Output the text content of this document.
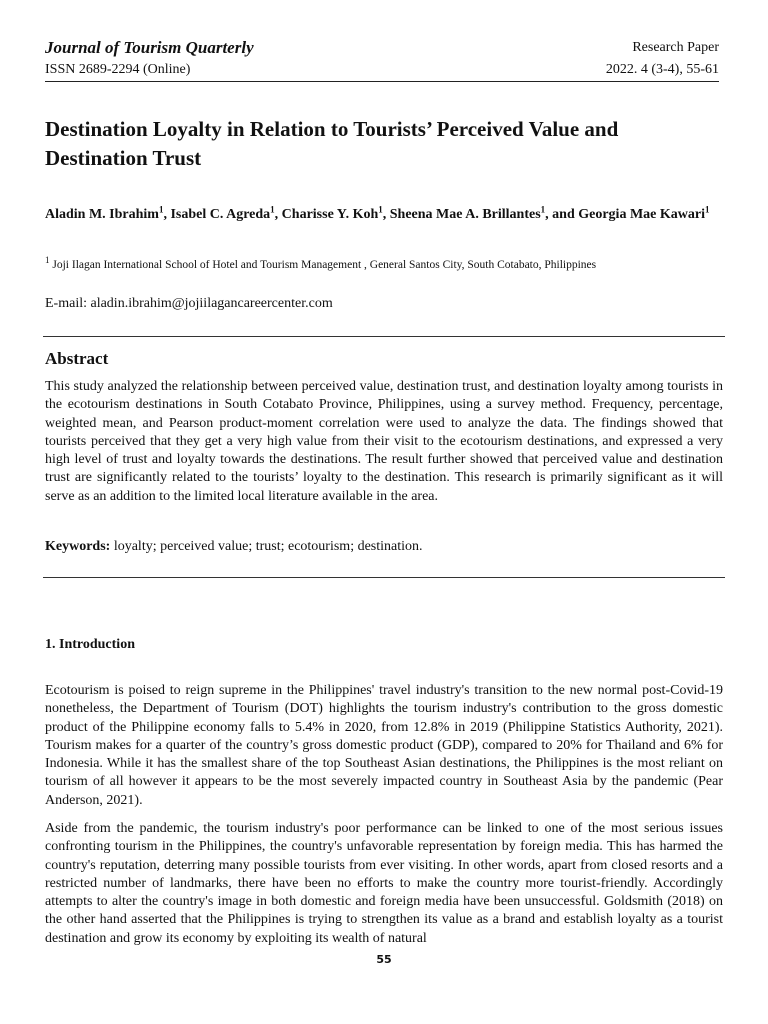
Journal of Tourism Quarterly	Research Paper
ISSN 2689-2294 (Online)	2022. 4 (3-4), 55-61
Destination Loyalty in Relation to Tourists’ Perceived Value and Destination Trust
Aladin M. Ibrahim$^1$, Isabel C. Agreda$^1$, Charisse Y. Koh$^1$, Sheena Mae A. Brillantes$^1$, and Georgia Mae Kawari$^1$
$^1$ Joji Ilagan International School of Hotel and Tourism Management , General Santos City, South Cotabato, Philippines
E-mail: aladin.ibrahim@jojiilagancareercenter.com
Abstract
This study analyzed the relationship between perceived value, destination trust, and destination loyalty among tourists in the ecotourism destinations in South Cotabato Province, Philippines, using a survey method. Frequency, percentage, weighted mean, and Pearson product-moment correlation were used to analyze the data. The findings showed that tourists perceived that they get a very high value from their visit to the ecotourism destinations, and expressed a very high level of trust and loyalty towards the destinations. The result further showed that perceived value and destination trust are significantly related to the tourists’ loyalty to the destination. This research is primarily significant as it will serve as an addition to the limited local literature available in the area.
Keywords: loyalty; perceived value; trust; ecotourism; destination.
1. Introduction
Ecotourism is poised to reign supreme in the Philippines' travel industry's transition to the new normal post-Covid-19 nonetheless, the Department of Tourism (DOT) highlights the tourism industry's contribution to the gross domestic product of the Philippine economy falls to 5.4% in 2020, from 12.8% in 2019 (Philippine Statistics Authority, 2021). Tourism makes for a quarter of the country’s gross domestic product (GDP), compared to 20% for Thailand and 6% for Indonesia. While it has the smallest share of the top Southeast Asian destinations, the Philippines is the most reliant on tourism of all however it appears to be the most severely impacted country in Southeast Asia by the pandemic (Pear Anderson, 2021).
Aside from the pandemic, the tourism industry's poor performance can be linked to one of the most serious issues confronting tourism in the Philippines, the country's unfavorable representation by foreign media. This has harmed the country's reputation, deterring many possible tourists from ever visiting. In other words, apart from closed resorts and a restricted number of landmarks, there have been no efforts to make the country more tourist-friendly. Accordingly attempts to alter the country's image in both domestic and foreign media have been unsuccessful. Goldsmith (2018) on the other hand asserted that the Philippines is trying to strengthen its value as a brand and establish loyalty as a tourist destination and grow its economy by exploiting its wealth of natural
55
